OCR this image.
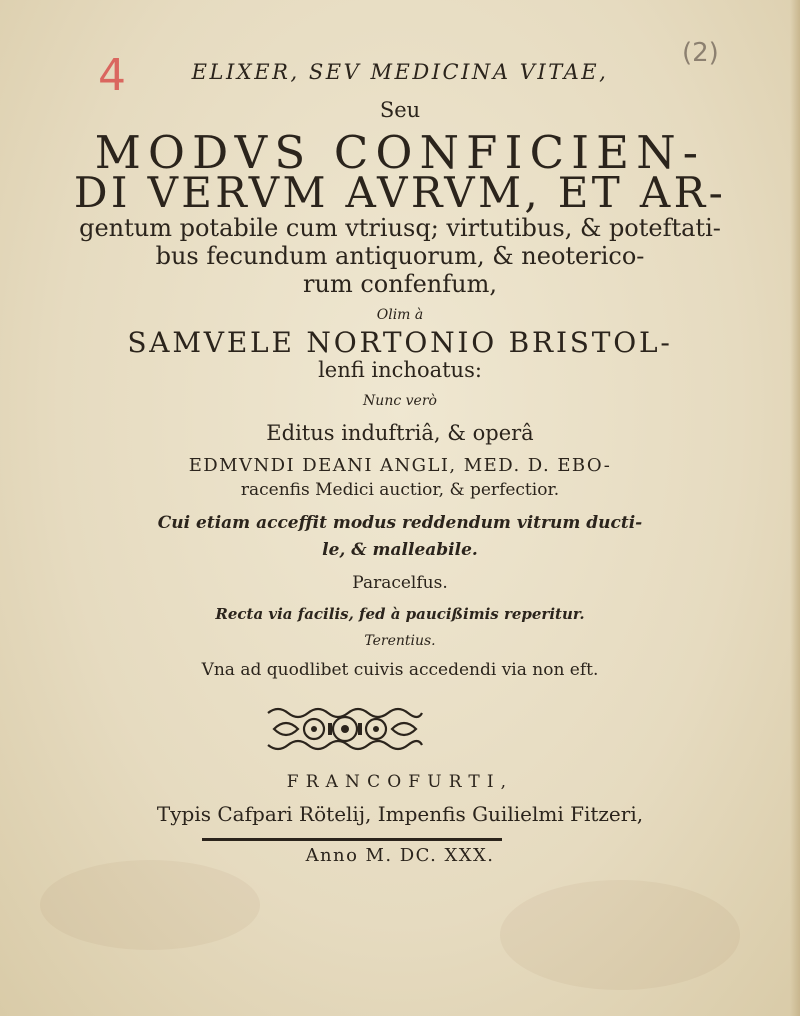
4	(2)
ELIXER, SEV MEDICINA VITAE,
Seu
MODVS CONFICIEN-
DI VERVM AVRVM, ET AR-
gentum potabile cum vtriusq; virtutibus, & poteftati-
bus fecundum antiquorum, & neoterico-
rum confenfum,
Olim à
SAMVELE NORTONIO BRISTOL-
lenfi inchoatus:
Nunc verò
Editus induftriâ, & operâ
EDMVNDI DEANI ANGLI, MED. D. EBO-
racenfis Medici auctior, & perfectior.
Cui etiam acceffit modus reddendum vitrum ducti-
le, & malleabile.
Paracelfus.
Recta via facilis, fed à paucißimis reperitur.
Terentius.
Vna ad quodlibet cuivis accedendi via non eft.
FRANCOFURTI,
Typis Cafpari Rötelij, Impenfis Guilielmi Fitzeri,
Anno M. DC. XXX.
